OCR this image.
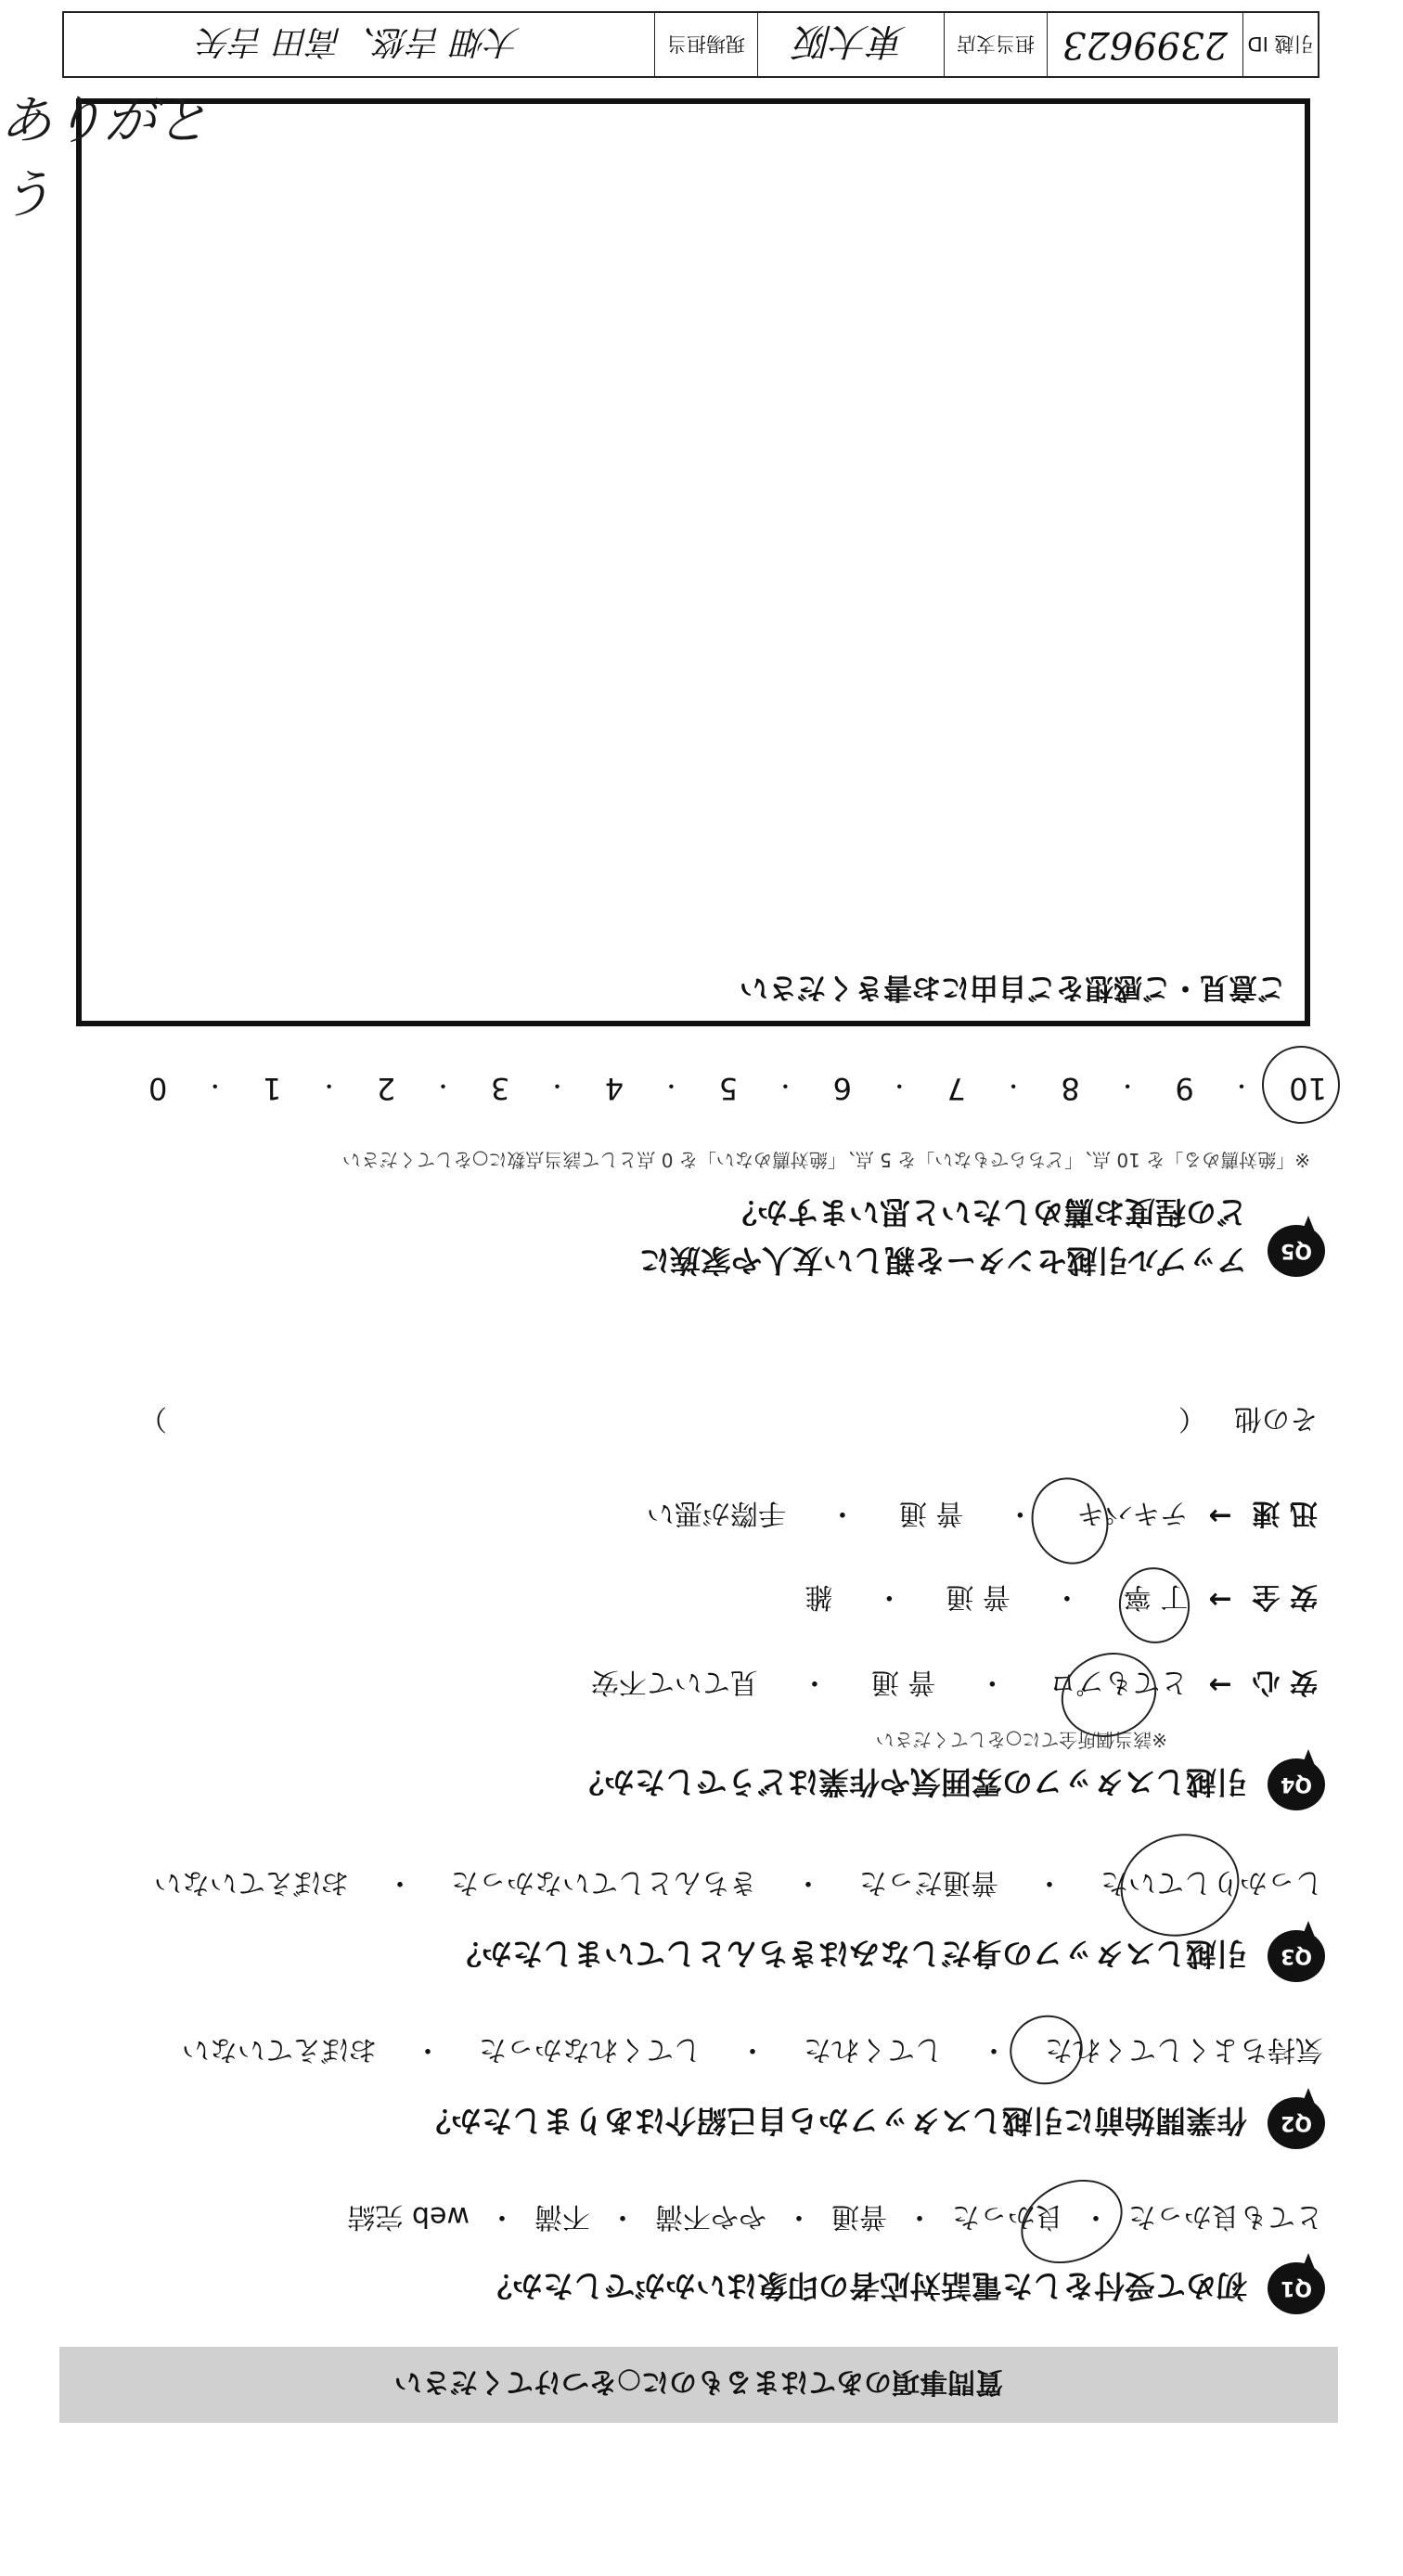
質問事項のあてはまるものに○をつけてください
Q1
初めて受付をした電話対応者の印象はいかがでしたか？
とても良かった
・
良かった
・
普通
・
やや不満
・
不満
・
web 完結
Q2
作業開始前に引越しスタッフから自己紹介はありましたか？
気持ちよくしてくれた
・
してくれた
・
してくれなかった
・
おぼえていない
Q3
引越しスタッフの身だしなみはきちんとしていましたか？
しっかりしていた
・
普通だった
・
きちんとしていなかった
・
おぼえていない
Q4
引越しスタッフの雰囲気や作業はどうでしたか？
※該当個所全てに○をしてください
安 心
→
とてもプロ
・
普 通
・
見ていて不安
安 全
→
丁 寧
・
普 通
・
雑
迅 速
→
テキパキ
・
普 通
・
手際が悪い
その他
（
）
Q5
アップル引越センターを親しい友人や家族に
どの程度お薦めしたいと思いますか？
※「絶対薦める」を 10 点、「どちらでもない」を 5 点、「絶対薦めない」を 0 点として該当点数に○をしてください
10
・
9
・
8
・
7
・
6
・
5
・
4
・
3
・
2
・
1
・
0
ご意見・ご感想をご自由にお書きください
ありがとう
引越 ID
2399623
担当支店
東大阪
現場担当
大畑 吉悠、高田 吉矢
